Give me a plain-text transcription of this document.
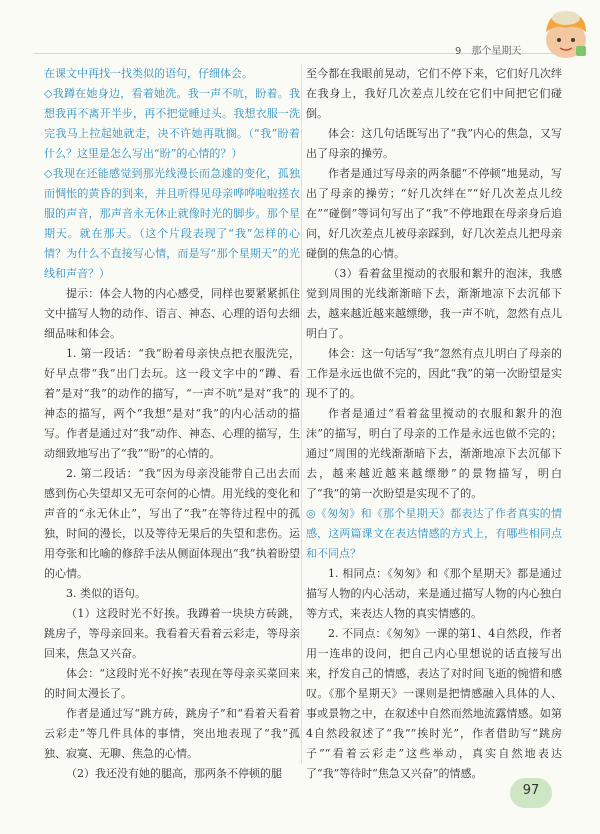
9　那个星期天

在课文中再找一找类似的语句，仔细体会。

◇我蹲在她身边，看着她洗。我一声不吭，盼着。我想我再不离开半步，再不把觉睡过头。我想衣服一洗完我马上拉起她就走，决不许她再耽搁。（“我”盼着什么？这里是怎么写出“盼”的心情的？）

◇我现在还能感觉到那光线漫长而急遽的变化，孤独而惆怅的黄昏的到来，并且听得见母亲哗哗啦啦搓衣服的声音，那声音永无休止就像时光的脚步。那个星期天。就在那天。（这个片段表现了“我”怎样的心情？为什么不直接写心情，而是写“那个星期天”的光线和声音？）

提示：体会人物的内心感受，同样也要紧紧抓住文中描写人物的动作、语言、神态、心理的语句去细细品味和体会。

1. 第一段话：“我”盼着母亲快点把衣服洗完，好早点带“我”出门去玩。这一段文字中的“蹲、看着”是对“我”的动作的描写，“一声不吭”是对“我”的神态的描写，两个“我想”是对“我”的内心活动的描写。作者是通过对“我”动作、神态、心理的描写，生动细致地写出了“我”“盼”的心情的。

2. 第二段话：“我”因为母亲没能带自己出去而感到伤心失望却又无可奈何的心情。用光线的变化和声音的“永无休止”，写出了“我”在等待过程中的孤独，时间的漫长，以及等待无果后的失望和悲伤。运用夸张和比喻的修辞手法从侧面体现出“我”执着盼望的心情。

3. 类似的语句。

（1）这段时光不好挨。我蹲着一块块方砖跳，跳房子，等母亲回来。我看着天看着云彩走，等母亲回来，焦急又兴奋。

体会：“这段时光不好挨”表现在等母亲买菜回来的时间太漫长了。

作者是通过写“跳方砖，跳房子”和“看着天看着云彩走”等几件具体的事情，突出地表现了“我”孤独、寂寞、无聊、焦急的心情。

（2）我还没有她的腿高，那两条不停顿的腿

至今都在我眼前晃动，它们不停下来，它们好几次绊在我身上，我好几次差点儿绞在它们中间把它们碰倒。

体会：这几句话既写出了“我”内心的焦急，又写出了母亲的操劳。

作者是通过写母亲的两条腿“不停顿”地晃动，写出了母亲的操劳；“好几次绊在”“好几次差点儿绞在”“碰倒”等词句写出了“我”不停地跟在母亲身后追问，好几次差点儿被母亲踩到，好几次差点儿把母亲碰倒的焦急的心情。

（3）看着盆里搅动的衣服和絮升的泡沫，我感觉到周围的光线渐渐暗下去，渐渐地凉下去沉郁下去，越来越近越来越缥缈，我一声不吭，忽然有点儿明白了。

体会：这一句话写“我”忽然有点儿明白了母亲的工作是永远也做不完的，因此“我”的第一次盼望是实现不了的。

作者是通过“看着盆里搅动的衣服和絮升的泡沫”的描写，明白了母亲的工作是永远也做不完的；通过“周围的光线渐渐暗下去，渐渐地凉下去沉郁下去，越来越近越来越缥缈”的景物描写，明白了“我”的第一次盼望是实现不了的。

◎《匆匆》和《那个星期天》都表达了作者真实的情感，这两篇课文在表达情感的方式上，有哪些相同点和不同点？

1. 相同点：《匆匆》和《那个星期天》都是通过描写人物的内心活动，来是通过描写人物的内心独白等方式，来表达人物的真实情感的。

2. 不同点：《匆匆》一课的第1、4自然段，作者用一连串的设问，把自己内心里想说的话直接写出来，抒发自己的情感，表达了对时间飞逝的惋惜和感叹。《那个星期天》一课则是把情感融入具体的人、事或景物之中，在叙述中自然而然地流露情感。如第4自然段叙述了“我”“挨时光”，作者借助写“跳房子”“看着云彩走”这些举动，真实自然地表达了“我”等待时“焦急又兴奋”的情感。

97
